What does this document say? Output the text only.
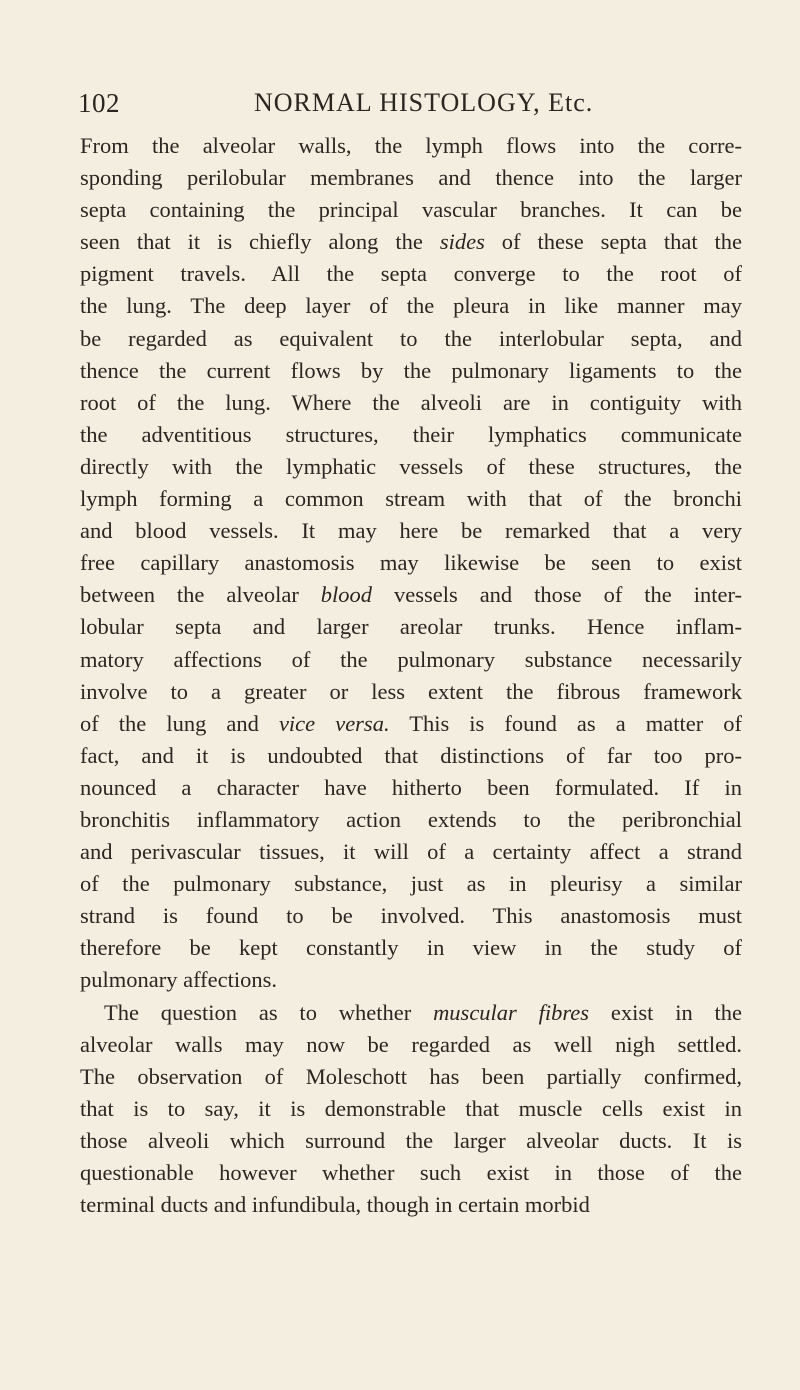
102	NORMAL HISTOLOGY, Etc.
From the alveolar walls, the lymph flows into the corre-
sponding perilobular membranes and thence into the larger
septa containing the principal vascular branches. It can be
seen that it is chiefly along the sides of these septa that the
pigment travels. All the septa converge to the root of
the lung. The deep layer of the pleura in like manner may
be regarded as equivalent to the interlobular septa, and
thence the current flows by the pulmonary ligaments to the
root of the lung. Where the alveoli are in contiguity with
the adventitious structures, their lymphatics communicate
directly with the lymphatic vessels of these structures, the
lymph forming a common stream with that of the bronchi
and blood vessels. It may here be remarked that a very
free capillary anastomosis may likewise be seen to exist
between the alveolar blood vessels and those of the inter-
lobular septa and larger areolar trunks. Hence inflam-
matory affections of the pulmonary substance necessarily
involve to a greater or less extent the fibrous framework
of the lung and vice versa. This is found as a matter of
fact, and it is undoubted that distinctions of far too pro-
nounced a character have hitherto been formulated. If in
bronchitis inflammatory action extends to the peribronchial
and perivascular tissues, it will of a certainty affect a strand
of the pulmonary substance, just as in pleurisy a similar
strand is found to be involved. This anastomosis must
therefore be kept constantly in view in the study of
pulmonary affections.
The question as to whether muscular fibres exist in the
alveolar walls may now be regarded as well nigh settled.
The observation of Moleschott has been partially confirmed,
that is to say, it is demonstrable that muscle cells exist in
those alveoli which surround the larger alveolar ducts. It is
questionable however whether such exist in those of the
terminal ducts and infundibula, though in certain morbid
